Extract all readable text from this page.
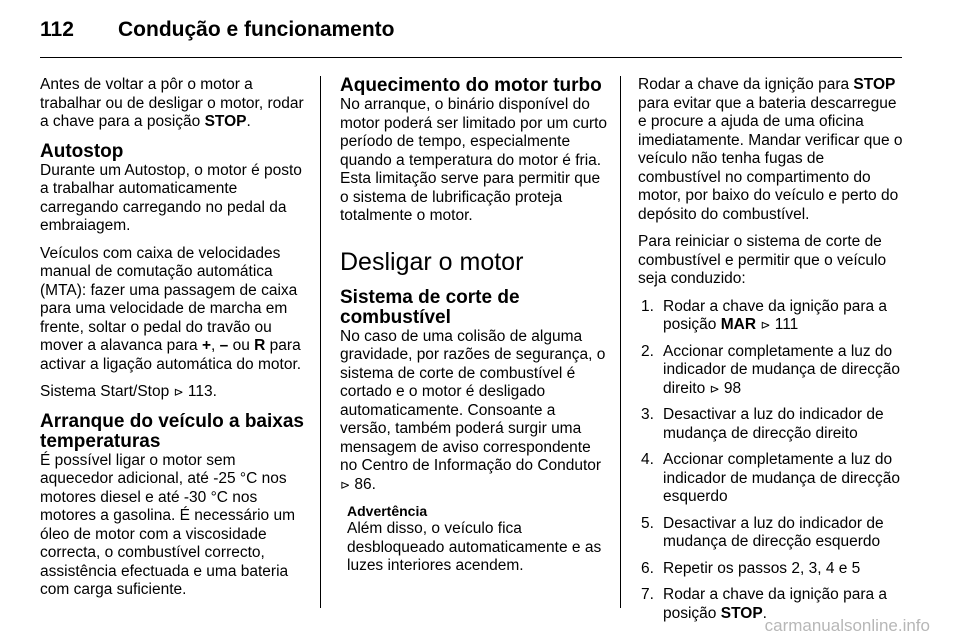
112 Condução e funcionamento

Antes de voltar a pôr o motor a trabalhar ou de desligar o motor, rodar a chave para a posição STOP.

Autostop

Durante um Autostop, o motor é posto a trabalhar automaticamente carregando carregando no pedal da embraiagem.

Veículos com caixa de velocidades manual de comutação automática (MTA): fazer uma passagem de caixa para uma velocidade de marcha em frente, soltar o pedal do travão ou mover a alavanca para +, – ou R para activar a ligação automática do motor.

Sistema Start/Stop ⊳ 113.

Arranque do veículo a baixas temperaturas

É possível ligar o motor sem aquecedor adicional, até -25 °C nos motores diesel e até -30 °C nos motores a gasolina. É necessário um óleo de motor com a viscosidade correcta, o combustível correcto, assistência efectuada e uma bateria com carga suficiente.

Aquecimento do motor turbo

No arranque, o binário disponível do motor poderá ser limitado por um curto período de tempo, especialmente quando a temperatura do motor é fria. Esta limitação serve para permitir que o sistema de lubrificação proteja totalmente o motor.

Desligar o motor
Sistema de corte de combustível

No caso de uma colisão de alguma gravidade, por razões de segurança, o sistema de corte de combustível é cortado e o motor é desligado automaticamente. Consoante a versão, também poderá surgir uma mensagem de aviso correspondente no Centro de Informação do Condutor ⊳ 86.

Advertência
Além disso, o veículo fica desbloqueado automaticamente e as luzes interiores acendem.

Rodar a chave da ignição para STOP para evitar que a bateria descarregue e procure a ajuda de uma oficina imediatamente. Mandar verificar que o veículo não tenha fugas de combustível no compartimento do motor, por baixo do veículo e perto do depósito do combustível.

Para reiniciar o sistema de corte de combustível e permitir que o veículo seja conduzido:

1. Rodar a chave da ignição para a posição MAR ⊳ 111
2. Accionar completamente a luz do indicador de mudança de direcção direito ⊳ 98
3. Desactivar a luz do indicador de mudança de direcção direito
4. Accionar completamente a luz do indicador de mudança de direcção esquerdo
5. Desactivar a luz do indicador de mudança de direcção esquerdo
6. Repetir os passos 2, 3, 4 e 5
7. Rodar a chave da ignição para a posição STOP.
carmanualsonline.info
